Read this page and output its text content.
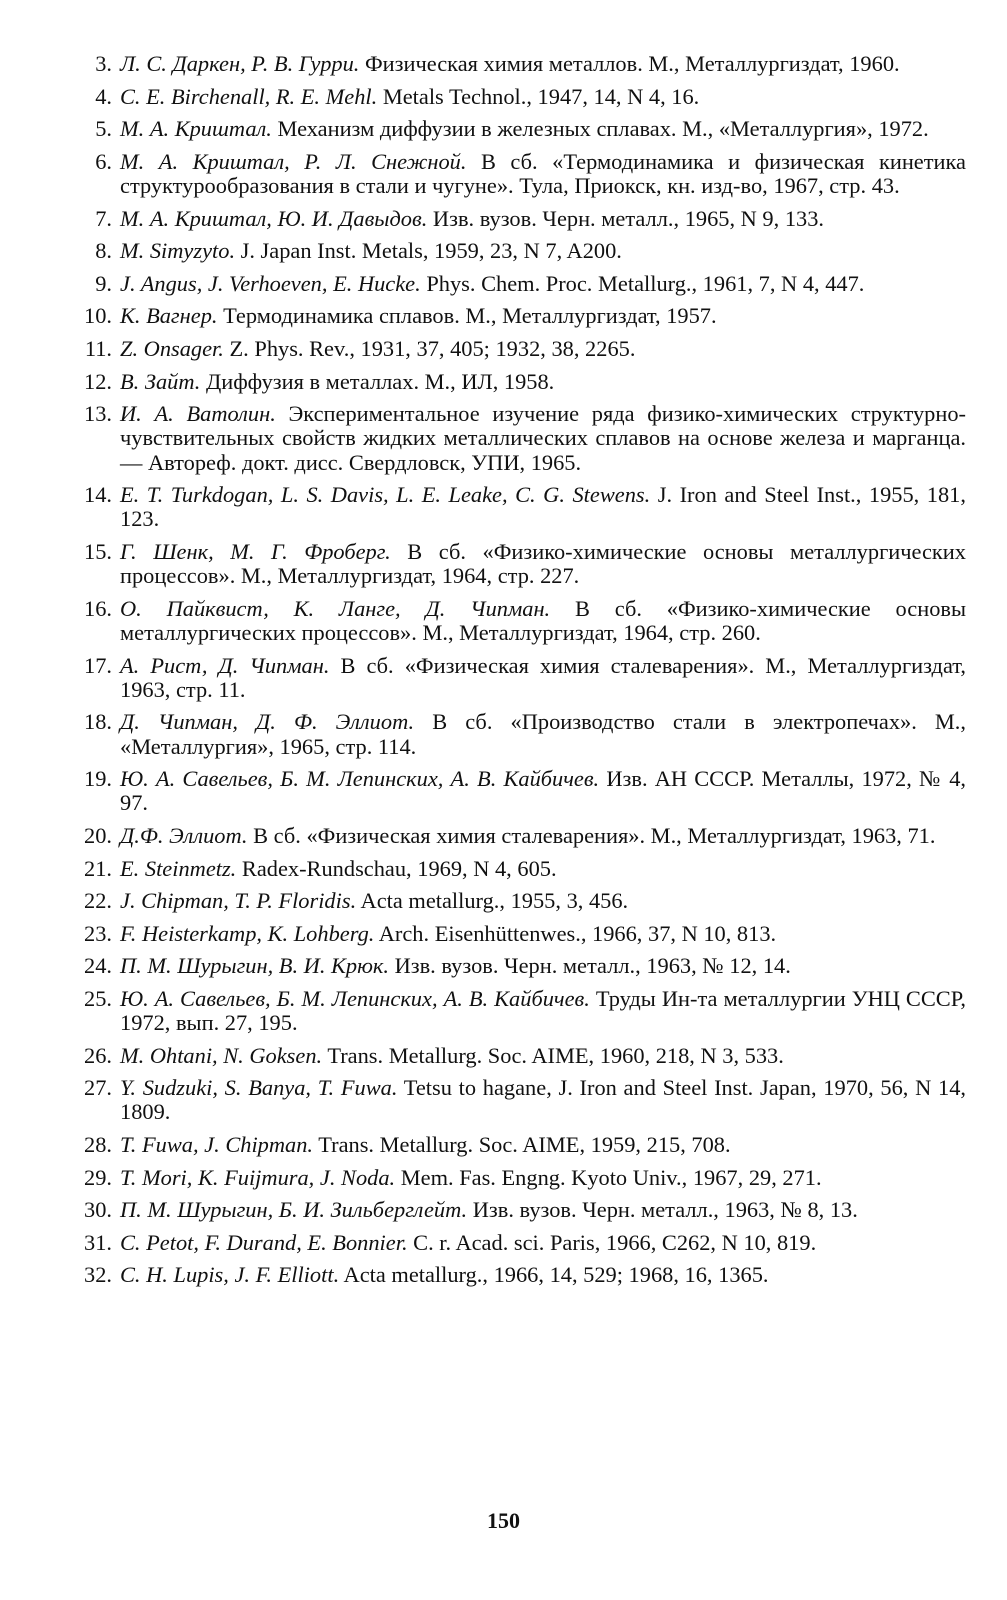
3. Л. С. Даркен, Р. В. Гурри. Физическая химия металлов. М., Металлургиздат, 1960.
4. C. E. Birchenall, R. E. Mehl. Metals Technol., 1947, 14, N 4, 16.
5. М. А. Криштал. Механизм диффузии в железных сплавах. М., «Металлургия», 1972.
6. М. А. Криштал, Р. Л. Снежной. В сб. «Термодинамика и физическая кинетика структурообразования в стали и чугуне». Тула, Приокск, кн. изд-во, 1967, стр. 43.
7. М. А. Криштал, Ю. И. Давыдов. Изв. вузов. Черн. металл., 1965, N 9, 133.
8. M. Simyzyto. J. Japan Inst. Metals, 1959, 23, N 7, A200.
9. J. Angus, J. Verhoeven, E. Hucke. Phys. Chem. Proc. Metallurg., 1961, 7, N 4, 447.
10. К. Вагнер. Термодинамика сплавов. М., Металлургиздат, 1957.
11. Z. Onsager. Z. Phys. Rev., 1931, 37, 405; 1932, 38, 2265.
12. В. Зайт. Диффузия в металлах. М., ИЛ, 1958.
13. И. А. Ватолин. Экспериментальное изучение ряда физико-химических структурно-чувствительных свойств жидких металлических сплавов на основе железа и марганца.— Автореф. докт. дисс. Свердловск, УПИ, 1965.
14. E. T. Turkdogan, L. S. Davis, L. E. Leake, C. G. Stewens. J. Iron and Steel Inst., 1955, 181, 123.
15. Г. Шенк, М. Г. Фроберг. В сб. «Физико-химические основы металлургических процессов». М., Металлургиздат, 1964, стр. 227.
16. О. Пайквист, К. Ланге, Д. Чипман. В сб. «Физико-химические основы металлургических процессов». М., Металлургиздат, 1964, стр. 260.
17. А. Рист, Д. Чипман. В сб. «Физическая химия сталеварения». М., Металлургиздат, 1963, стр. 11.
18. Д. Чипман, Д. Ф. Эллиот. В сб. «Производство стали в электропечах». М., «Металлургия», 1965, стр. 114.
19. Ю. А. Савельев, Б. М. Лепинских, А. В. Кайбичев. Изв. АН СССР. Металлы, 1972, № 4, 97.
20. Д.Ф. Эллиот. В сб. «Физическая химия сталеварения». М., Металлургиздат, 1963, 71.
21. E. Steinmetz. Radex-Rundschau, 1969, N 4, 605.
22. J. Chipman, T. P. Floridis. Acta metallurg., 1955, 3, 456.
23. F. Heisterkamp, K. Lohberg. Arch. Eisenhüttenwes., 1966, 37, N 10, 813.
24. П. М. Шурыгин, В. И. Крюк. Изв. вузов. Черн. металл., 1963, № 12, 14.
25. Ю. А. Савельев, Б. М. Лепинских, А. В. Кайбичев. Труды Ин-та металлургии УНЦ СССР, 1972, вып. 27, 195.
26. M. Ohtani, N. Goksen. Trans. Metallurg. Soc. AIME, 1960, 218, N 3, 533.
27. Y. Sudzuki, S. Banya, T. Fuwa. Tetsu to hagane, J. Iron and Steel Inst. Japan, 1970, 56, N 14, 1809.
28. T. Fuwa, J. Chipman. Trans. Metallurg. Soc. AIME, 1959, 215, 708.
29. T. Mori, K. Fuijmura, J. Noda. Mem. Fas. Engng. Kyoto Univ., 1967, 29, 271.
30. П. М. Шурыгин, Б. И. Зильберглейт. Изв. вузов. Черн. металл., 1963, № 8, 13.
31. C. Petot, F. Durand, E. Bonnier. C. r. Acad. sci. Paris, 1966, C262, N 10, 819.
32. C. H. Lupis, J. F. Elliott. Acta metallurg., 1966, 14, 529; 1968, 16, 1365.
150
